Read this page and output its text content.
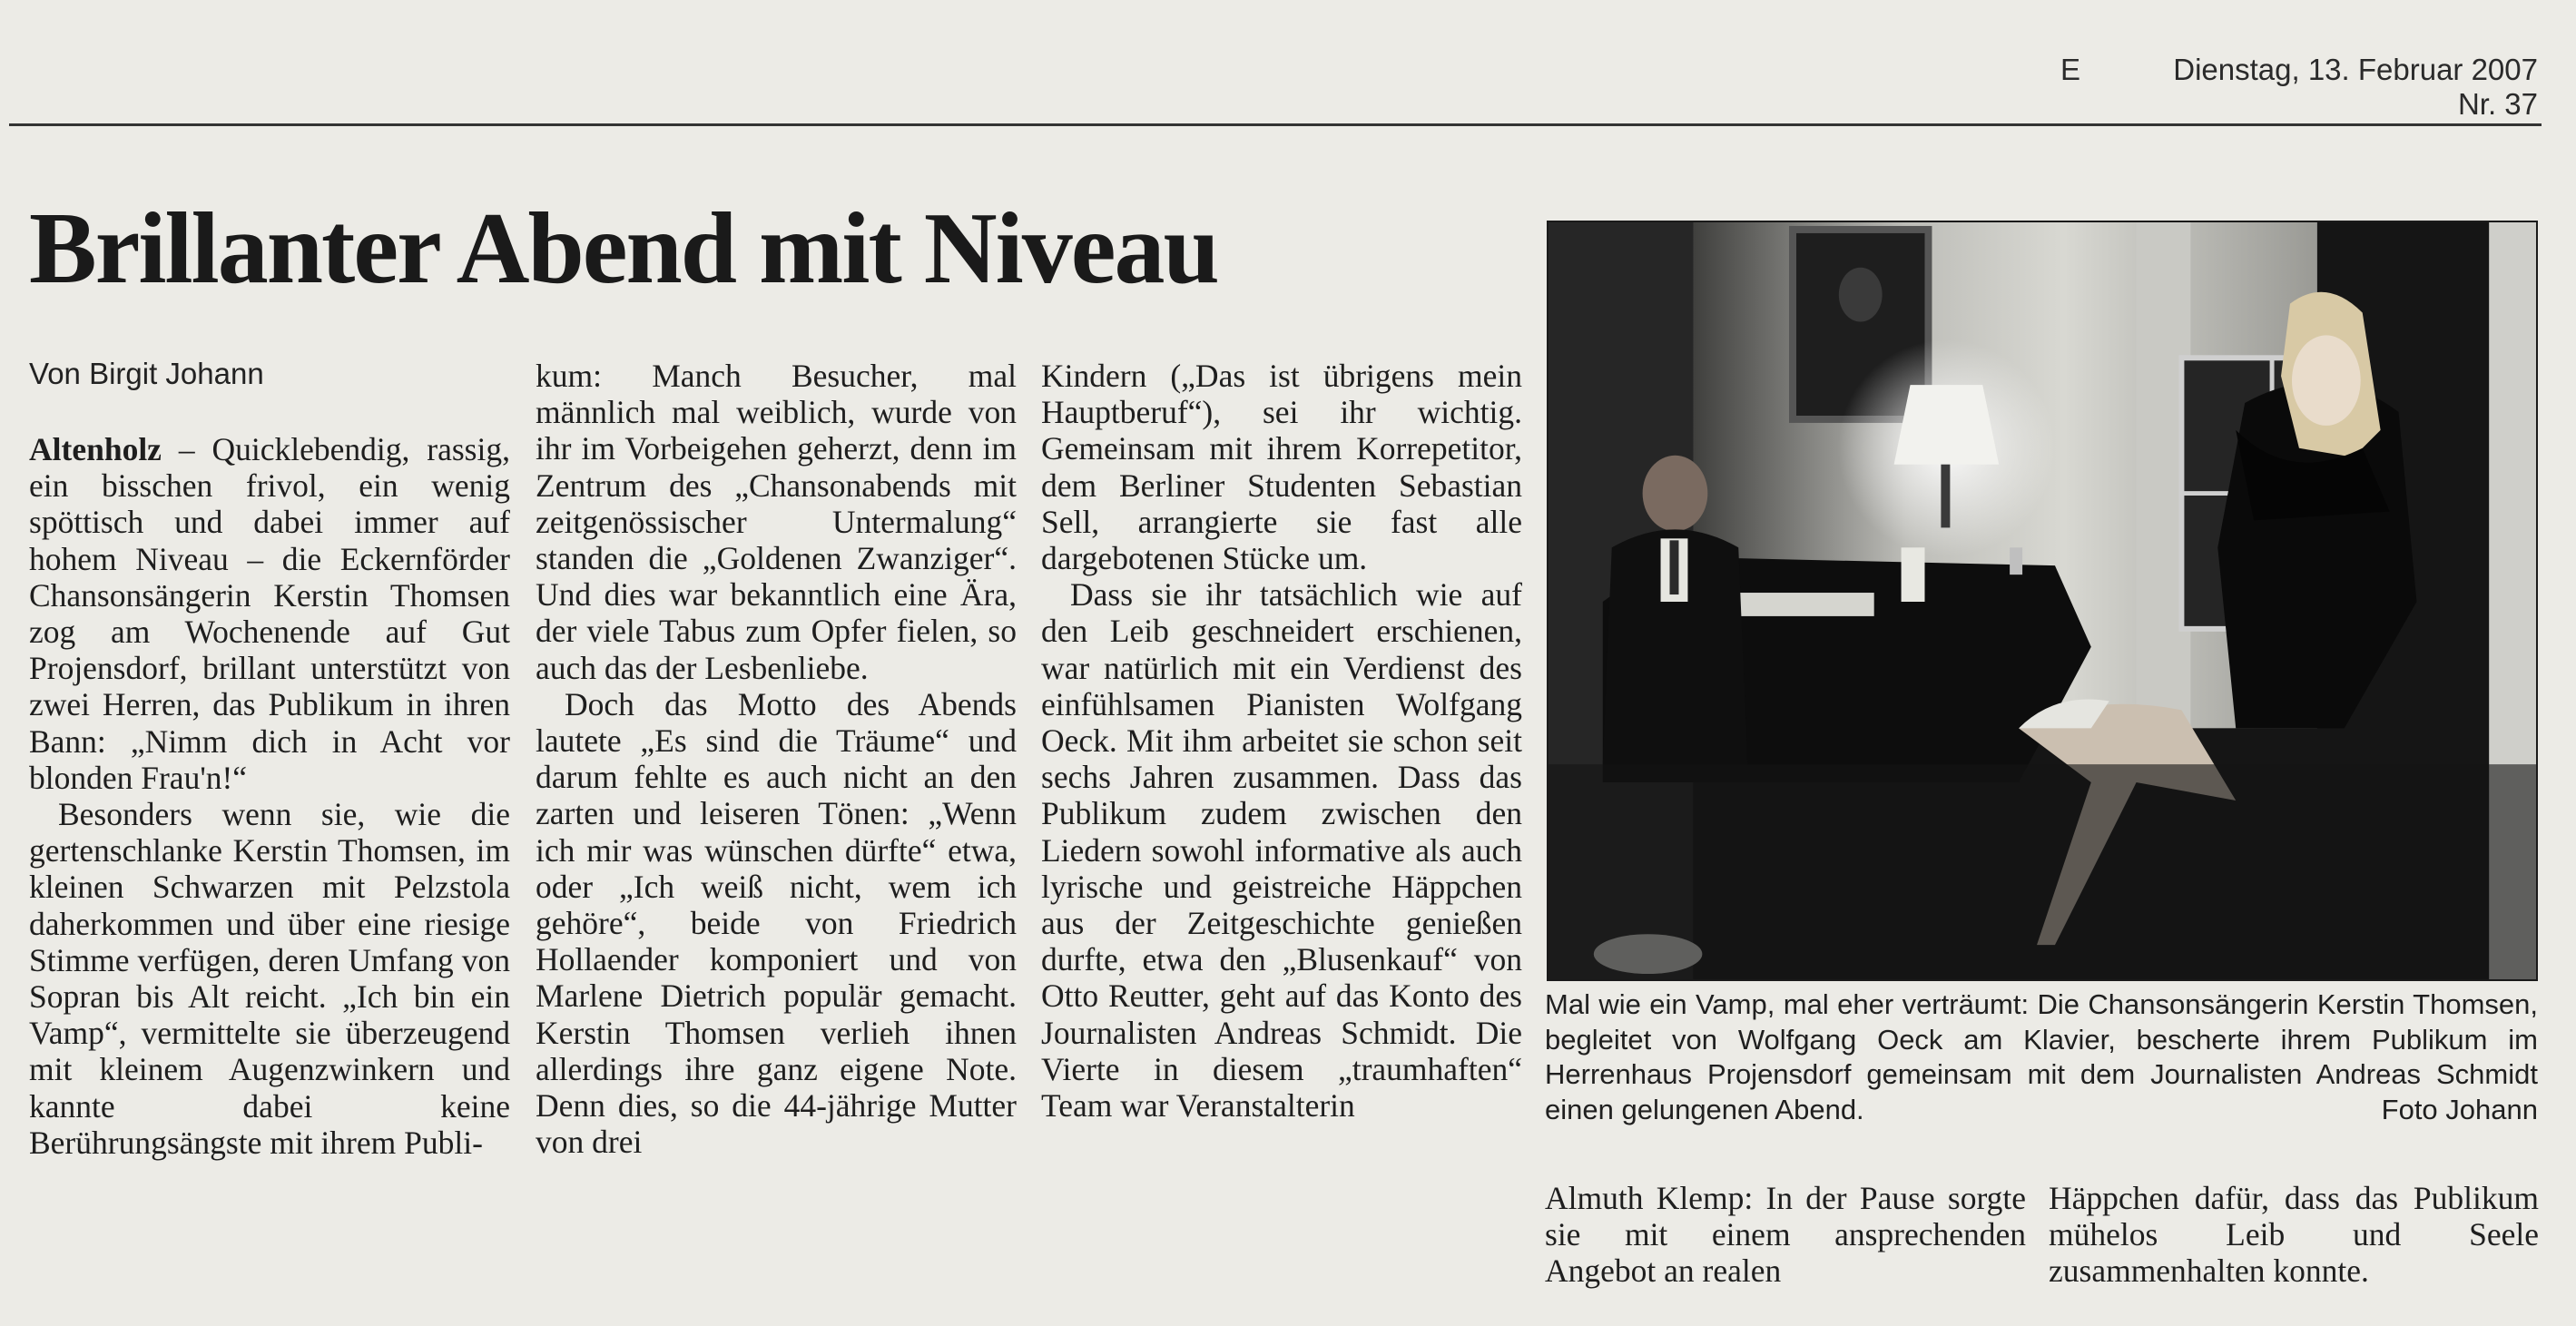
E	Dienstag, 13. Februar 2007
Nr. 37
Brillanter Abend mit Niveau
Von Birgit Johann

Altenholz – Quicklebendig, rassig, ein bisschen frivol, ein wenig spöttisch und dabei immer auf hohem Niveau – die Eckernförder Chansonsängerin Kerstin Thomsen zog am Wochenende auf Gut Projensdorf, brillant unterstützt von zwei Herren, das Publikum in ihren Bann: „Nimm dich in Acht vor blonden Frau'n!“

Besonders wenn sie, wie die gertenschlanke Kerstin Thomsen, im kleinen Schwarzen mit Pelzstola daherkommen und über eine riesige Stimme verfügen, deren Umfang von Sopran bis Alt reicht. „Ich bin ein Vamp“, vermittelte sie überzeugend mit kleinem Augenzwinkern und kannte dabei keine Berührungsängste mit ihrem Publi-

kum: Manch Besucher, mal männlich mal weiblich, wurde von ihr im Vorbeigehen geherzt, denn im Zentrum des „Chansonabends mit zeitgenössischer Untermalung“ standen die „Goldenen Zwanziger“. Und dies war bekanntlich eine Ära, der viele Tabus zum Opfer fielen, so auch das der Lesbenliebe.

Doch das Motto des Abends lautete „Es sind die Träume“ und darum fehlte es auch nicht an den zarten und leiseren Tönen: „Wenn ich mir was wünschen dürfte“ etwa, oder „Ich weiß nicht, wem ich gehöre“, beide von Friedrich Hollaender komponiert und von Marlene Dietrich populär gemacht. Kerstin Thomsen verlieh ihnen allerdings ihre ganz eigene Note. Denn dies, so die 44-jährige Mutter von drei

Kindern („Das ist übrigens mein Hauptberuf“), sei ihr wichtig. Gemeinsam mit ihrem Korrepetitor, dem Berliner Studenten Sebastian Sell, arrangierte sie fast alle dargebotenen Stücke um.

Dass sie ihr tatsächlich wie auf den Leib geschneidert erschienen, war natürlich mit ein Verdienst des einfühlsamen Pianisten Wolfgang Oeck. Mit ihm arbeitet sie schon seit sechs Jahren zusammen. Dass das Publikum zudem zwischen den Liedern sowohl informative als auch lyrische und geistreiche Häppchen aus der Zeitgeschichte genießen durfte, etwa den „Blusenkauf“ von Otto Reutter, geht auf das Konto des Journalisten Andreas Schmidt. Die Vierte in diesem „traumhaften“ Team war Veranstalterin

Mal wie ein Vamp, mal eher verträumt: Die Chansonsängerin Kerstin Thomsen, begleitet von Wolfgang Oeck am Klavier, bescherte ihrem Publikum im Herrenhaus Projensdorf gemeinsam mit dem Journalisten Andreas Schmidt einen gelungenen Abend.	Foto Johann

Almuth Klemp: In der Pause sorgte sie mit einem ansprechenden Angebot an realen

Häppchen dafür, dass das Publikum mühelos Leib und Seele zusammenhalten konnte.
